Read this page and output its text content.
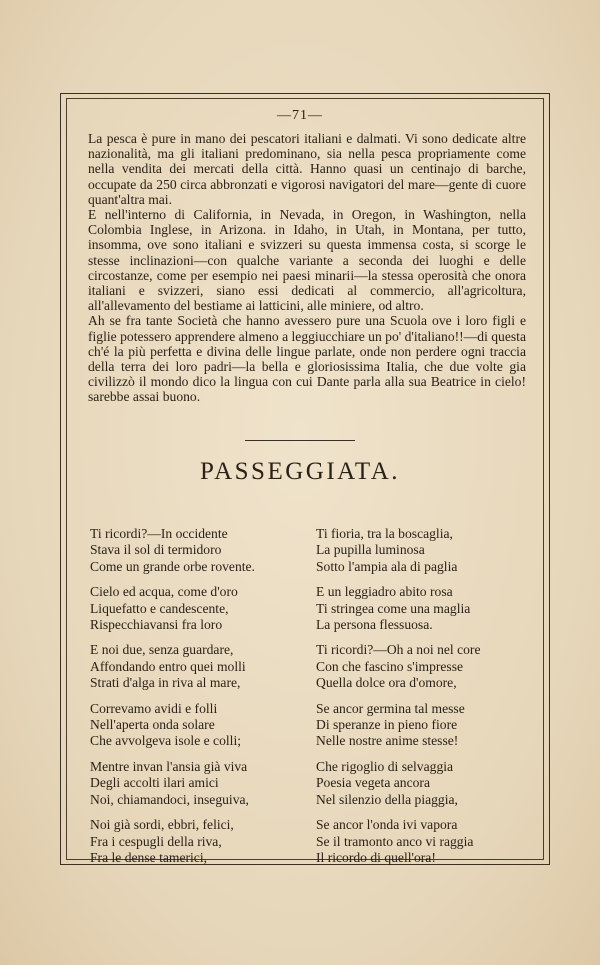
—71—

La pesca è pure in mano dei pescatori italiani e dalmati. Vi sono dedicate altre nazionalità, ma gli italiani predominano, sia nella pesca propriamente come nella vendita dei mercati della città. Hanno quasi un centinajo di barche, occupate da 250 circa abbronzati e vigorosi navigatori del mare—gente di cuore quant'altra mai.

E nell'interno di California, in Nevada, in Oregon, in Washington, nella Colombia Inglese, in Arizona. in Idaho, in Utah, in Montana, per tutto, insomma, ove sono italiani e svizzeri su questa immensa costa, si scorge le stesse inclinazioni—con qualche variante a seconda dei luoghi e delle circostanze, come per esempio nei paesi minarii—la stessa operosità che onora italiani e svizzeri, siano essi dedicati al commercio, all'agricoltura, all'allevamento del bestiame ai latticini, alle miniere, od altro.

Ah se fra tante Società che hanno avessero pure una Scuola ove i loro figli e figlie potessero apprendere almeno a leggiucchiare un po' d'italiano!!—di questa ch'é la più perfetta e divina delle lingue parlate, onde non perdere ogni traccia della terra dei loro padri—la bella e gloriosissima Italia, che due volte gia civilizzò il mondo dico la lingua con cui Dante parla alla sua Beatrice in cielo! sarebbe assai buono.

PASSEGGIATA.
Ti ricordi?—In occidente
Stava il sol di termidoro
Come un grande orbe rovente.
Cielo ed acqua, come d'oro
Liquefatto e candescente,
Rispecchiavansi fra loro
E noi due, senza guardare,
Affondando entro quei molli
Strati d'alga in riva al mare,
Correvamo avidi e folli
Nell'aperta onda solare
Che avvolgeva isole e colli;
Mentre invan l'ansia già viva
Degli accolti ilari amici
Noi, chiamandoci, inseguiva,
Noi già sordi, ebbri, felici,
Fra i cespugli della riva,
Fra le dense tamerici,
Ti fioria, tra la boscaglia,
La pupilla luminosa
Sotto l'ampia ala di paglia
E un leggiadro abito rosa
Ti stringea come una maglia
La persona flessuosa.
Ti ricordi?—Oh a noi nel core
Con che fascino s'impresse
Quella dolce ora d'omore,
Se ancor germina tal messe
Di speranze in pieno fiore
Nelle nostre anime stesse!
Che rigoglio di selvaggia
Poesia vegeta ancora
Nel silenzio della piaggia,
Se ancor l'onda ivi vapora
Se il tramonto anco vi raggia
Il ricordo di quell'ora!
